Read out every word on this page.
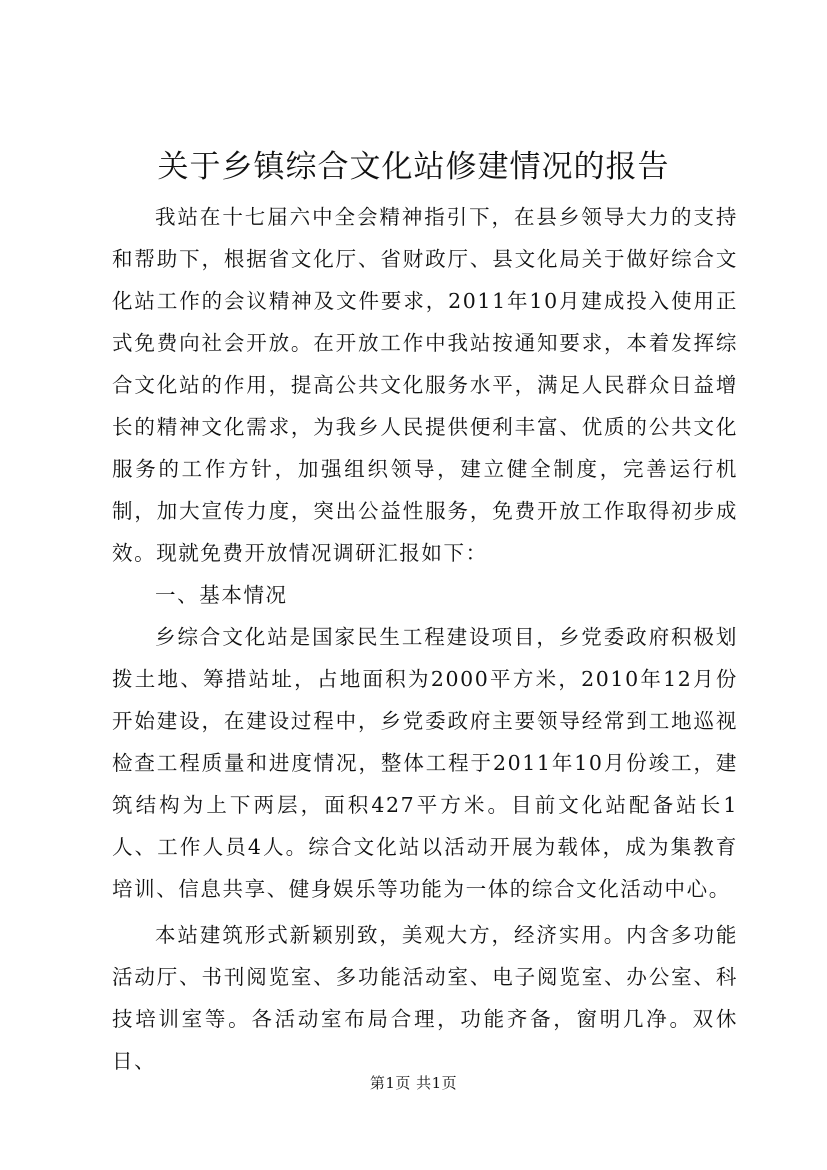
关于乡镇综合文化站修建情况的报告

我站在十七届六中全会精神指引下，在县乡领导大力的支持和帮助下，根据省文化厅、省财政厅、县文化局关于做好综合文化站工作的会议精神及文件要求，2011年10月建成投入使用正式免费向社会开放。在开放工作中我站按通知要求，本着发挥综合文化站的作用，提高公共文化服务水平，满足人民群众日益增长的精神文化需求，为我乡人民提供便利丰富、优质的公共文化服务的工作方针，加强组织领导，建立健全制度，完善运行机制，加大宣传力度，突出公益性服务，免费开放工作取得初步成效。现就免费开放情况调研汇报如下：

一、基本情况

乡综合文化站是国家民生工程建设项目，乡党委政府积极划拨土地、筹措站址，占地面积为2000平方米，2010年12月份开始建设，在建设过程中，乡党委政府主要领导经常到工地巡视检查工程质量和进度情况，整体工程于2011年10月份竣工，建筑结构为上下两层，面积427平方米。目前文化站配备站长1人、工作人员4人。综合文化站以活动开展为载体，成为集教育培训、信息共享、健身娱乐等功能为一体的综合文化活动中心。

本站建筑形式新颖别致，美观大方，经济实用。内含多功能活动厅、书刊阅览室、多功能活动室、电子阅览室、办公室、科技培训室等。各活动室布局合理，功能齐备，窗明几净。双休日、

第1页 共1页
